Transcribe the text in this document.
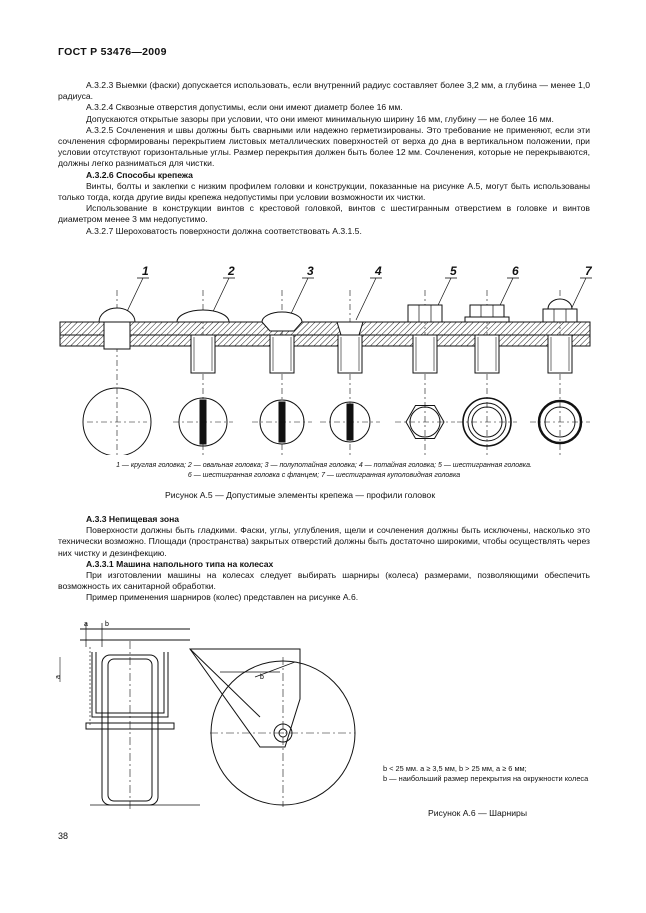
ГОСТ Р 53476—2009

А.3.2.3 Выемки (фаски) допускается использовать, если внутренний радиус составляет более 3,2 мм, а глубина — менее 1,0 радиуса.

А.3.2.4 Сквозные отверстия допустимы, если они имеют диаметр более 16 мм.

Допускаются открытые зазоры при условии, что они имеют минимальную ширину 16 мм, глубину — не более 16 мм.

А.3.2.5 Сочленения и швы должны быть сварными или надежно герметизированы. Это требование не применяют, если эти сочленения сформированы перекрытием листовых металлических поверхностей от верха до дна в вертикальном положении, при условии отсутствуют горизонтальные углы. Размер перекрытия должен быть более 12 мм. Сочленения, которые не перекрываются, должны легко разниматься для чистки.

А.3.2.6 Способы крепежа

Винты, болты и заклепки с низким профилем головки и конструкции, показанные на рисунке А.5, могут быть использованы только тогда, когда другие виды крепежа недопустимы при условии возможности их чистки.

Использование в конструкции винтов с крестовой головкой, винтов с шестигранным отверстием в головке и винтов диаметром менее 3 мм недопустимо.

А.3.2.7 Шероховатость поверхности должна соответствовать А.3.1.5.

1	2	3	4	5	6	7
1 — круглая головка; 2 — овальная головка; 3 — полупотайная головка; 4 — потайная головка; 5 — шестигранная головка.
6 — шестигранная головка с фланцем; 7 — шестигранная куполовидная головка
Рисунок А.5 — Допустимые элементы крепежа — профили головок

А.3.3 Непищевая зона

Поверхности должны быть гладкими. Фаски, углы, углубления, щели и сочленения должны быть исключены, насколько это технически возможно. Площади (пространства) закрытых отверстий должны быть достаточно широкими, чтобы осуществлять через них чистку и дезинфекцию.

А.3.3.1 Машина напольного типа на колесах

При изготовлении машины на колесах следует выбирать шарниры (колеса) размерами, позволяющими обеспечить возможность их санитарной обработки.

Пример применения шарниров (колес) представлен на рисунке А.6.

a b
a	b
b < 25 мм. a ≥ 3,5 мм, b > 25 мм, a ≥ 6 мм;
b — наибольший размер перекрытия на окружности колеса
Рисунок А.6 — Шарниры
38
